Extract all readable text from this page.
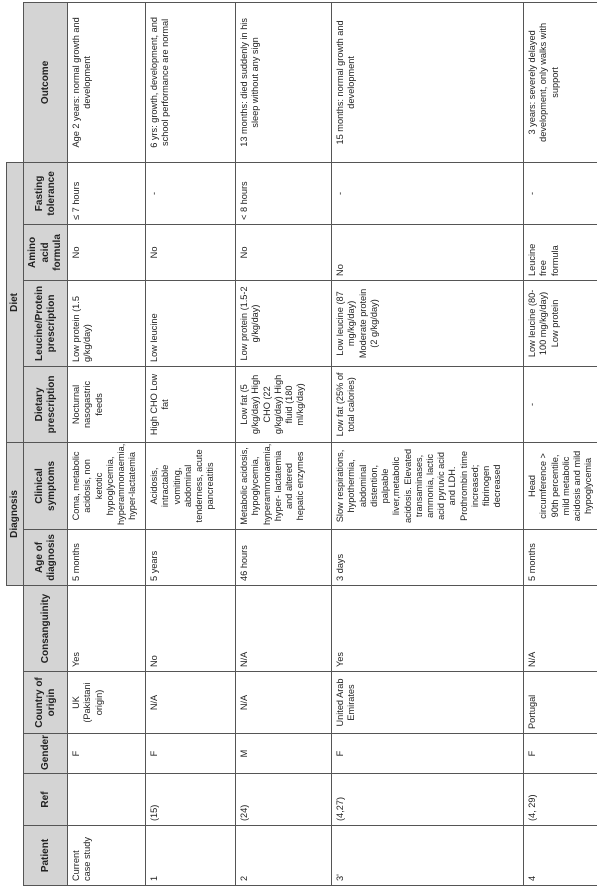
					Diagnosis		Diet				
Patient	Ref	Gender	Country of origin	Consanguinity	Age of diagnosis	Clinical symptoms	Dietary prescription	Leucine/Protein prescription	Amino acid formula	Fasting tolerance	Outcome
Current case study		F	UK (Pakistani origin)	Yes	5 months	Coma, metabolic acidosis, non ketotic hypoglycemia, hyperammonaemia, hyper-lactatemia	Nocturnal nasogastric feeds	Low protein (1.5 g/kg/day)	No	≤ 7 hours	Age 2 years: normal growth and development
1	(15)	F	N/A	No	5 years	Acidosis, intractable vomiting, abdominal tenderness, acute pancreatitis	High CHO Low fat	Low leucine	No	-	6 yrs: growth, development, and school performance are normal
2	(24)	M	N/A	N/A	46 hours	Metabolic acidosis, hypoglycemia, hyperammonaemia, hyper- lactatemia and altered hepatic enzymes	Low fat (5 g/kg/day) High CHO (22 g/kg/day) High fluid (180 ml/kg/day)	Low protein (1.5-2 g/kg/day)	No	< 8 hours	13 months: died suddenly in his sleep without any sign
3'	(4,27)	F	United Arab Emirates	Yes	3 days	Slow respirations, hypothermia, abdominal distention, palpable liver,metabolic acidosis. Elevated transaminases, ammonia, lactic acid pyruvic acid and LDH. Prothrombin time increased; fibrinogen decreased	Low fat (25% of total calories)	Low leucine (87 mg/kg/day) Moderate protein (2 g/kg/day)	No	-	15 months: normal growth and development
4	(4, 29)	F	Portugal	N/A	5 months	Head circumference > 90th percentile, mild metabolic acidosis and mild hypoglycemia	-	Low leucine (80-100 mg/kg/day) Low protein	Leucine free formula	-	3 years: severely delayed development, only walks with support
